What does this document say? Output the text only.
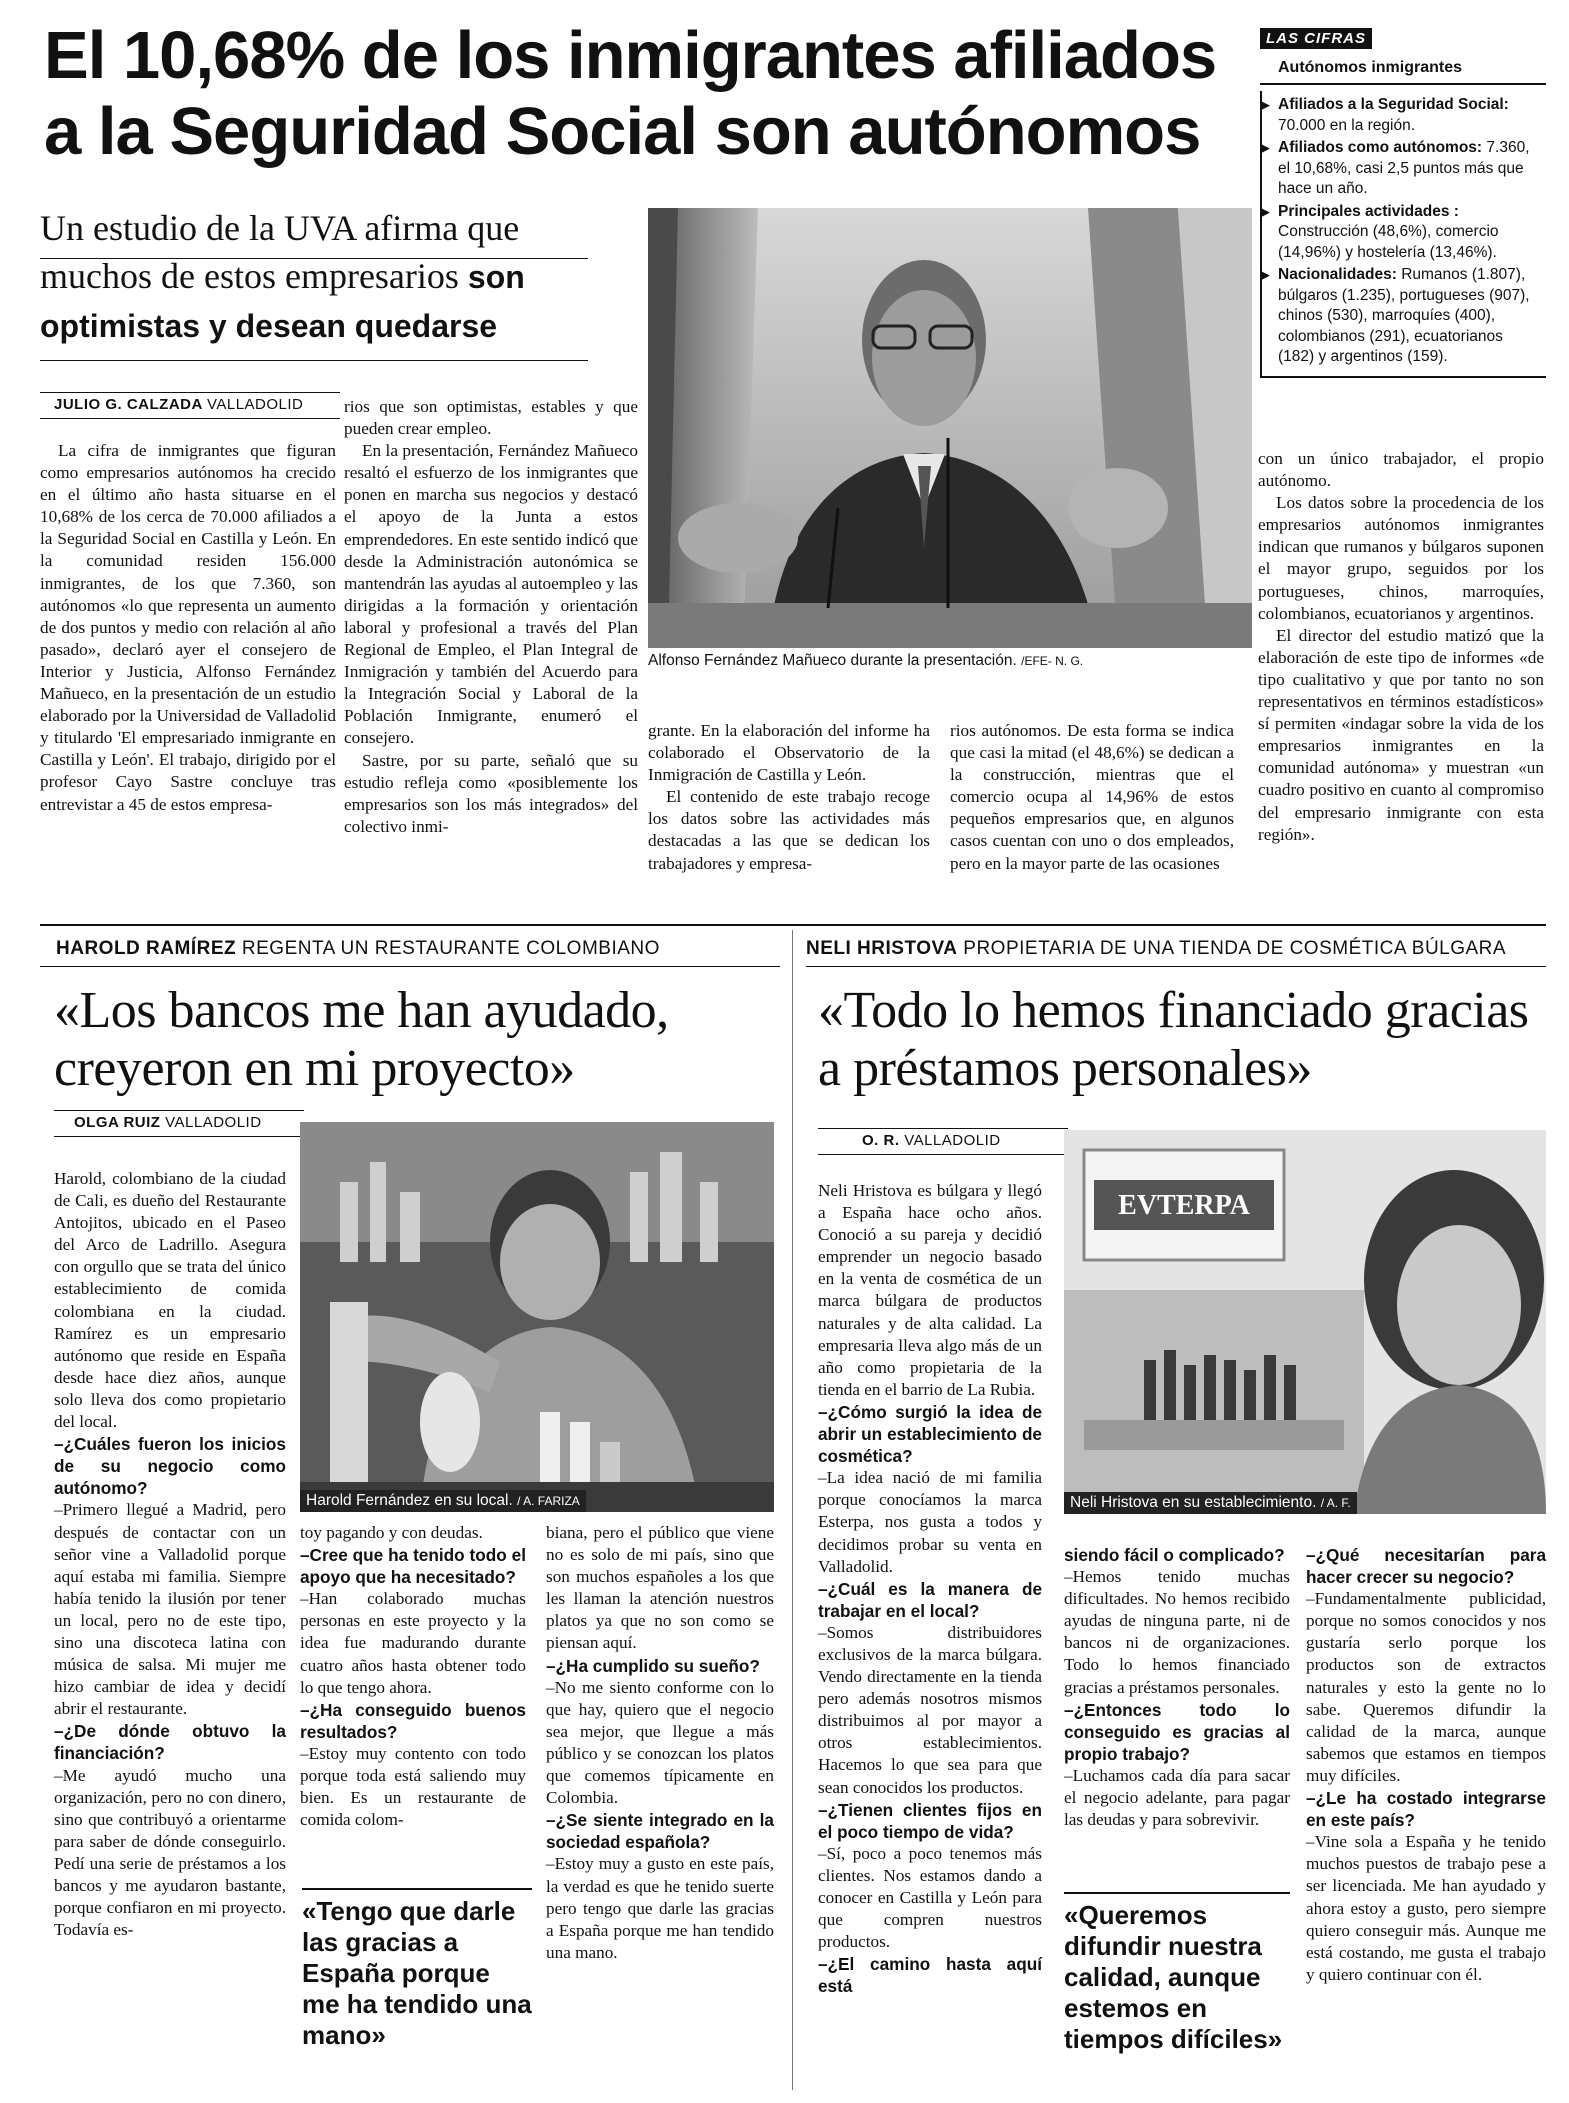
El 10,68% de los inmigrantes afiliados
a la Seguridad Social son autónomos
Un estudio de la UVA afirma que muchos de estos empresarios son optimistas y desean quedarse
LAS CIFRAS
Autónomos inmigrantes
▶ Afiliados a la Seguridad Social: 70.000 en la región.
▶ Afiliados como autónomos: 7.360, el 10,68%, casi 2,5 puntos más que hace un año.
▶ Principales actividades : Construcción (48,6%), comercio (14,96%) y hostelería (13,46%).
▶ Nacionalidades: Rumanos (1.807), búlgaros (1.235), portugueses (907), chinos (530), marroquíes (400), colombianos (291), ecuatorianos (182) y argentinos (159).
Alfonso Fernández Mañueco durante la presentación. /EFE- N. G.
JULIO G. CALZADA VALLADOLID

La cifra de inmigrantes que figuran como empresarios autónomos ha crecido en el último año hasta situarse en el 10,68% de los cerca de 70.000 afiliados a la Seguridad Social en Castilla y León. En la comunidad residen 156.000 inmigrantes, de los que 7.360, son autónomos «lo que representa un aumento de dos puntos y medio con relación al año pasado», declaró ayer el consejero de Interior y Justicia, Alfonso Fernández Mañueco, en la presentación de un estudio elaborado por la Universidad de Valladolid y titulardo 'El empresariado inmigrante en Castilla y León'. El trabajo, dirigido por el profesor Cayo Sastre concluye tras entrevistar a 45 de estos empresa-

rios que son optimistas, estables y que pueden crear empleo.

En la presentación, Fernández Mañueco resaltó el esfuerzo de los inmigrantes que ponen en marcha sus negocios y destacó el apoyo de la Junta a estos emprendedores. En este sentido indicó que desde la Administración autonómica se mantendrán las ayudas al autoempleo y las dirigidas a la formación y orientación laboral y profesional a través del Plan Regional de Empleo, el Plan Integral de Inmigración y también del Acuerdo para la Integración Social y Laboral de la Población Inmigrante, enumeró el consejero.

Sastre, por su parte, señaló que su estudio refleja como «posiblemente los empresarios son los más integrados» del colectivo inmi-

grante. En la elaboración del informe ha colaborado el Observatorio de la Inmigración de Castilla y León.

El contenido de este trabajo recoge los datos sobre las actividades más destacadas a las que se dedican los trabajadores y empresa-

rios autónomos. De esta forma se indica que casi la mitad (el 48,6%) se dedican a la construcción, mientras que el comercio ocupa al 14,96% de estos pequeños empresarios que, en algunos casos cuentan con uno o dos empleados, pero en la mayor parte de las ocasiones

con un único trabajador, el propio autónomo.

Los datos sobre la procedencia de los empresarios autónomos inmigrantes indican que rumanos y búlgaros suponen el mayor grupo, seguidos por los portugueses, chinos, marroquíes, colombianos, ecuatorianos y argentinos.

El director del estudio matizó que la elaboración de este tipo de informes «de tipo cualitativo y que por tanto no son representativos en términos estadísticos» sí permiten «indagar sobre la vida de los empresarios inmigrantes en la comunidad autónoma» y muestran «un cuadro positivo en cuanto al compromiso del empresario inmigrante con esta región».

HAROLD RAMÍREZ REGENTA UN RESTAURANTE COLOMBIANO
«Los bancos me han ayudado, creyeron en mi proyecto»
OLGA RUIZ VALLADOLID
Harold Fernández en su local. / A. FARIZA

Harold, colombiano de la ciudad de Cali, es dueño del Restaurante Antojitos, ubicado en el Paseo del Arco de Ladrillo. Asegura con orgullo que se trata del único establecimiento de comida colombiana en la ciudad. Ramírez es un empresario autónomo que reside en España desde hace diez años, aunque solo lleva dos como propietario del local.

–¿Cuáles fueron los inicios de su negocio como autónomo?

–Primero llegué a Madrid, pero después de contactar con un señor vine a Valladolid porque aquí estaba mi familia. Siempre había tenido la ilusión por tener un local, pero no de este tipo, sino una discoteca latina con música de salsa. Mi mujer me hizo cambiar de idea y decidí abrir el restaurante.

–¿De dónde obtuvo la financiación?

–Me ayudó mucho una organización, pero no con dinero, sino que contribuyó a orientarme para saber de dónde conseguirlo. Pedí una serie de préstamos a los bancos y me ayudaron bastante, porque confiaron en mi proyecto. Todavía es-

toy pagando y con deudas.

–Cree que ha tenido todo el apoyo que ha necesitado?

–Han colaborado muchas personas en este proyecto y la idea fue madurando durante cuatro años hasta obtener todo lo que tengo ahora.

–¿Ha conseguido buenos resultados?

–Estoy muy contento con todo porque toda está saliendo muy bien. Es un restaurante de comida colom-

«Tengo que darle las gracias a España porque me ha tendido una mano»

biana, pero el público que viene no es solo de mi país, sino que son muchos españoles a los que les llaman la atención nuestros platos ya que no son como se piensan aquí.

–¿Ha cumplido su sueño?

–No me siento conforme con lo que hay, quiero que el negocio sea mejor, que llegue a más público y se conozcan los platos que comemos típicamente en Colombia.

–¿Se siente integrado en la sociedad española?

–Estoy muy a gusto en este país, la verdad es que he tenido suerte pero tengo que darle las gracias a España porque me han tendido una mano.

NELI HRISTOVA PROPIETARIA DE UNA TIENDA DE COSMÉTICA BÚLGARA
«Todo lo hemos financiado gracias a préstamos personales»
O. R. VALLADOLID
EVTERPA
Neli Hristova en su establecimiento. / A. F.

Neli Hristova es búlgara y llegó a España hace ocho años. Conoció a su pareja y decidió emprender un negocio basado en la venta de cosmética de un marca búlgara de productos naturales y de alta calidad. La empresaria lleva algo más de un año como propietaria de la tienda en el barrio de La Rubia.

–¿Cómo surgió la idea de abrir un establecimiento de cosmética?

–La idea nació de mi familia porque conocíamos la marca Esterpa, nos gusta a todos y decidimos probar su venta en Valladolid.

–¿Cuál es la manera de trabajar en el local?

–Somos distribuidores exclusivos de la marca búlgara. Vendo directamente en la tienda pero además nosotros mismos distribuimos al por mayor a otros establecimientos. Hacemos lo que sea para que sean conocidos los productos.

–¿Tienen clientes fijos en el poco tiempo de vida?

–Sí, poco a poco tenemos más clientes. Nos estamos dando a conocer en Castilla y León para que compren nuestros productos.

–¿El camino hasta aquí está

siendo fácil o complicado?

–Hemos tenido muchas dificultades. No hemos recibido ayudas de ninguna parte, ni de bancos ni de organizaciones. Todo lo hemos financiado gracias a préstamos personales.

–¿Entonces todo lo conseguido es gracias al propio trabajo?

–Luchamos cada día para sacar el negocio adelante, para pagar las deudas y para sobrevivir.

«Queremos difundir nuestra calidad, aunque estemos en tiempos difíciles»

–¿Qué necesitarían para hacer crecer su negocio?

–Fundamentalmente publicidad, porque no somos conocidos y nos gustaría serlo porque los productos son de extractos naturales y esto la gente no lo sabe. Queremos difundir la calidad de la marca, aunque sabemos que estamos en tiempos muy difíciles.

–¿Le ha costado integrarse en este país?

–Vine sola a España y he tenido muchos puestos de trabajo pese a ser licenciada. Me han ayudado y ahora estoy a gusto, pero siempre quiero conseguir más. Aunque me está costando, me gusta el trabajo y quiero continuar con él.
